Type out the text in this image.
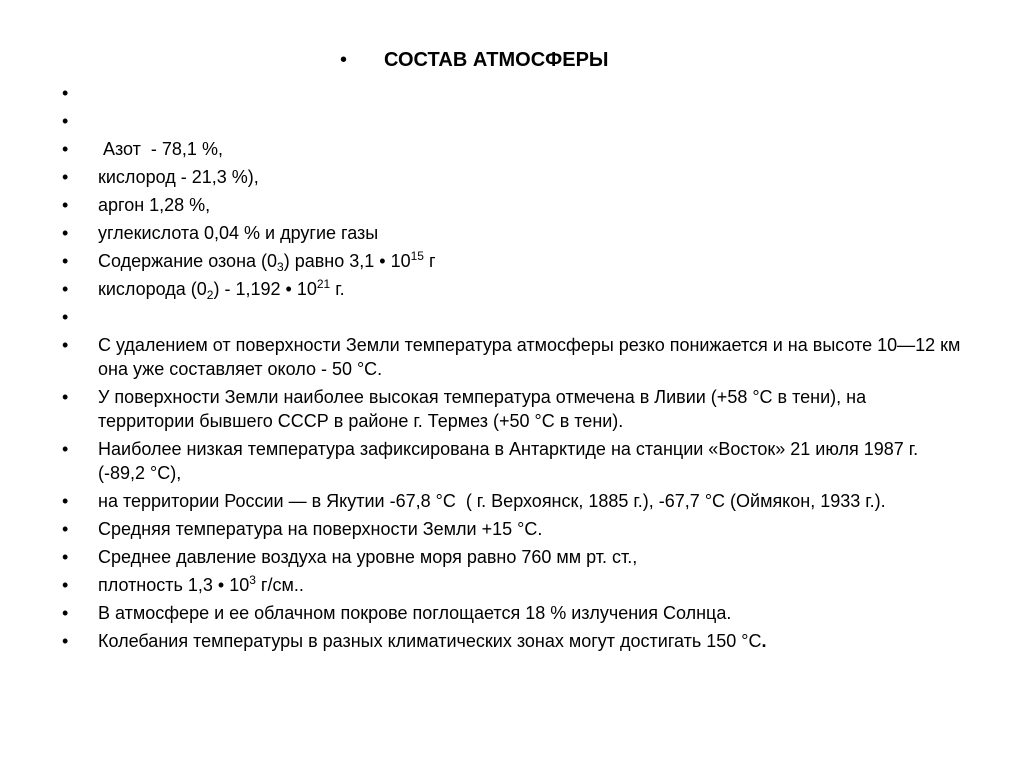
• СОСТАВ АТМОСФЕРЫ
•
•
•	Азот  - 78,1 %,
•	кислород - 21,3 %),
•	аргон 1,28 %,
•	углекислота 0,04 % и другие газы
•	Содержание озона $(0_3)$ равно 3,1 • $10^{15}$ г
•	кислорода $(0_2) - 1,192$ • $10^{21}$ г.
•
•	С удалением от поверхности Земли температура атмосферы резко понижается и на высоте 10—12 км она уже составляет около - 50 °С.
•	У поверхности Земли наиболее высокая температура отмечена в Ливии (+58 °С в тени), на территории бывшего СССР в районе г. Термез (+50 °С в тени).
•	Наиболее низкая температура зафиксирована в Антарктиде на станции «Восток» 21 июля 1987 г. (-89,2 °С),
•	на территории России — в Якутии -67,8 °С  ( г. Верхоянск, 1885 г.), -67,7 °С (Оймякон, 1933 г.).
•	Средняя температура на поверхности Земли +15 °С.
•	Среднее давление воздуха на уровне моря равно 760 мм рт. ст.,
•	плотность 1,3 • $10^3$ г/см..
•	В атмосфере и ее облачном покрове поглощается 18 % излучения Солнца.
•	Колебания температуры в разных климатических зонах могут достигать 150 °С.
